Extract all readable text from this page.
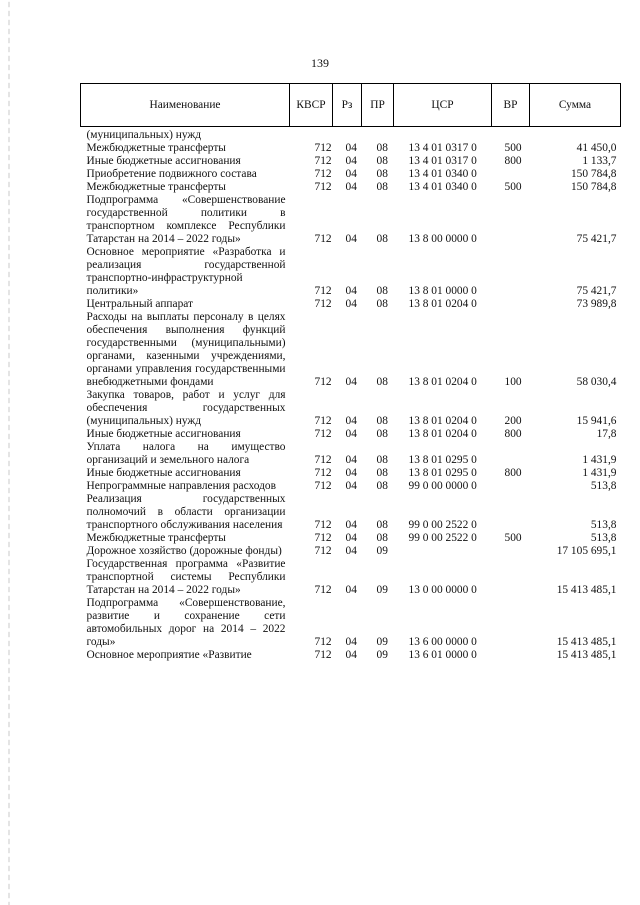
139
Наименование	КВСР	Рз	ПР	ЦСР	ВР	Сумма
(муниципальных) нужд						
Межбюджетные трансферты	712	04	08	13 4 01 0317 0	500	41 450,0
Иные бюджетные ассигнования	712	04	08	13 4 01 0317 0	800	1 133,7
Приобретение подвижного состава	712	04	08	13 4 01 0340 0		150 784,8
Межбюджетные трансферты	712	04	08	13 4 01 0340 0	500	150 784,8
Подпрограмма «Совершенствование государственной политики в транспортном комплексе Республики Татарстан на 2014 – 2022 годы»	712	04	08	13 8 00 0000 0		75 421,7
Основное мероприятие «Разработка и реализация государственной транспортно-инфраструктурной политики»	712	04	08	13 8 01 0000 0		75 421,7
Центральный аппарат	712	04	08	13 8 01 0204 0		73 989,8
Расходы на выплаты персоналу в целях обеспечения выполнения функций государственными (муниципальными) органами, казенными учреждениями, органами управления государственными внебюджетными фондами	712	04	08	13 8 01 0204 0	100	58 030,4
Закупка товаров, работ и услуг для обеспечения государственных (муниципальных) нужд	712	04	08	13 8 01 0204 0	200	15 941,6
Иные бюджетные ассигнования	712	04	08	13 8 01 0204 0	800	17,8
Уплата налога на имущество организаций и земельного налога	712	04	08	13 8 01 0295 0		1 431,9
Иные бюджетные ассигнования	712	04	08	13 8 01 0295 0	800	1 431,9
Непрограммные направления расходов	712	04	08	99 0 00 0000 0		513,8
Реализация государственных полномочий в области организации транспортного обслуживания населения	712	04	08	99 0 00 2522 0		513,8
Межбюджетные трансферты	712	04	08	99 0 00 2522 0	500	513,8
Дорожное хозяйство (дорожные фонды)	712	04	09			17 105 695,1
Государственная программа «Развитие транспортной системы Республики Татарстан на 2014 – 2022 годы»	712	04	09	13 0 00 0000 0		15 413 485,1
Подпрограмма «Совершенствование, развитие и сохранение сети автомобильных дорог на 2014 – 2022 годы»	712	04	09	13 6 00 0000 0		15 413 485,1
Основное мероприятие «Развитие	712	04	09	13 6 01 0000 0		15 413 485,1
